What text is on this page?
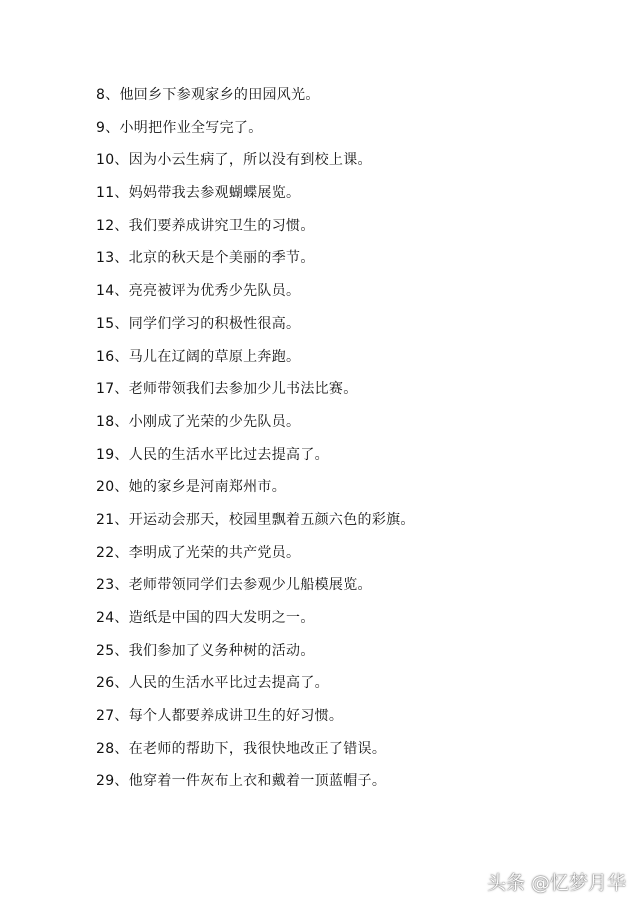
8、他回乡下参观家乡的田园风光。
9、小明把作业全写完了。
10、因为小云生病了，所以没有到校上课。
11、妈妈带我去参观蝴蝶展览。
12、我们要养成讲究卫生的习惯。
13、北京的秋天是个美丽的季节。
14、亮亮被评为优秀少先队员。
15、同学们学习的积极性很高。
16、马儿在辽阔的草原上奔跑。
17、老师带领我们去参加少儿书法比赛。
18、小刚成了光荣的少先队员。
19、人民的生活水平比过去提高了。
20、她的家乡是河南郑州市。
21、开运动会那天，校园里飘着五颜六色的彩旗。
22、李明成了光荣的共产党员。
23、老师带领同学们去参观少儿船模展览。
24、造纸是中国的四大发明之一。
25、我们参加了义务种树的活动。
26、人民的生活水平比过去提高了。
27、每个人都要养成讲卫生的好习惯。
28、在老师的帮助下，我很快地改正了错误。
29、他穿着一件灰布上衣和戴着一顶蓝帽子。
头条 @忆梦月华
